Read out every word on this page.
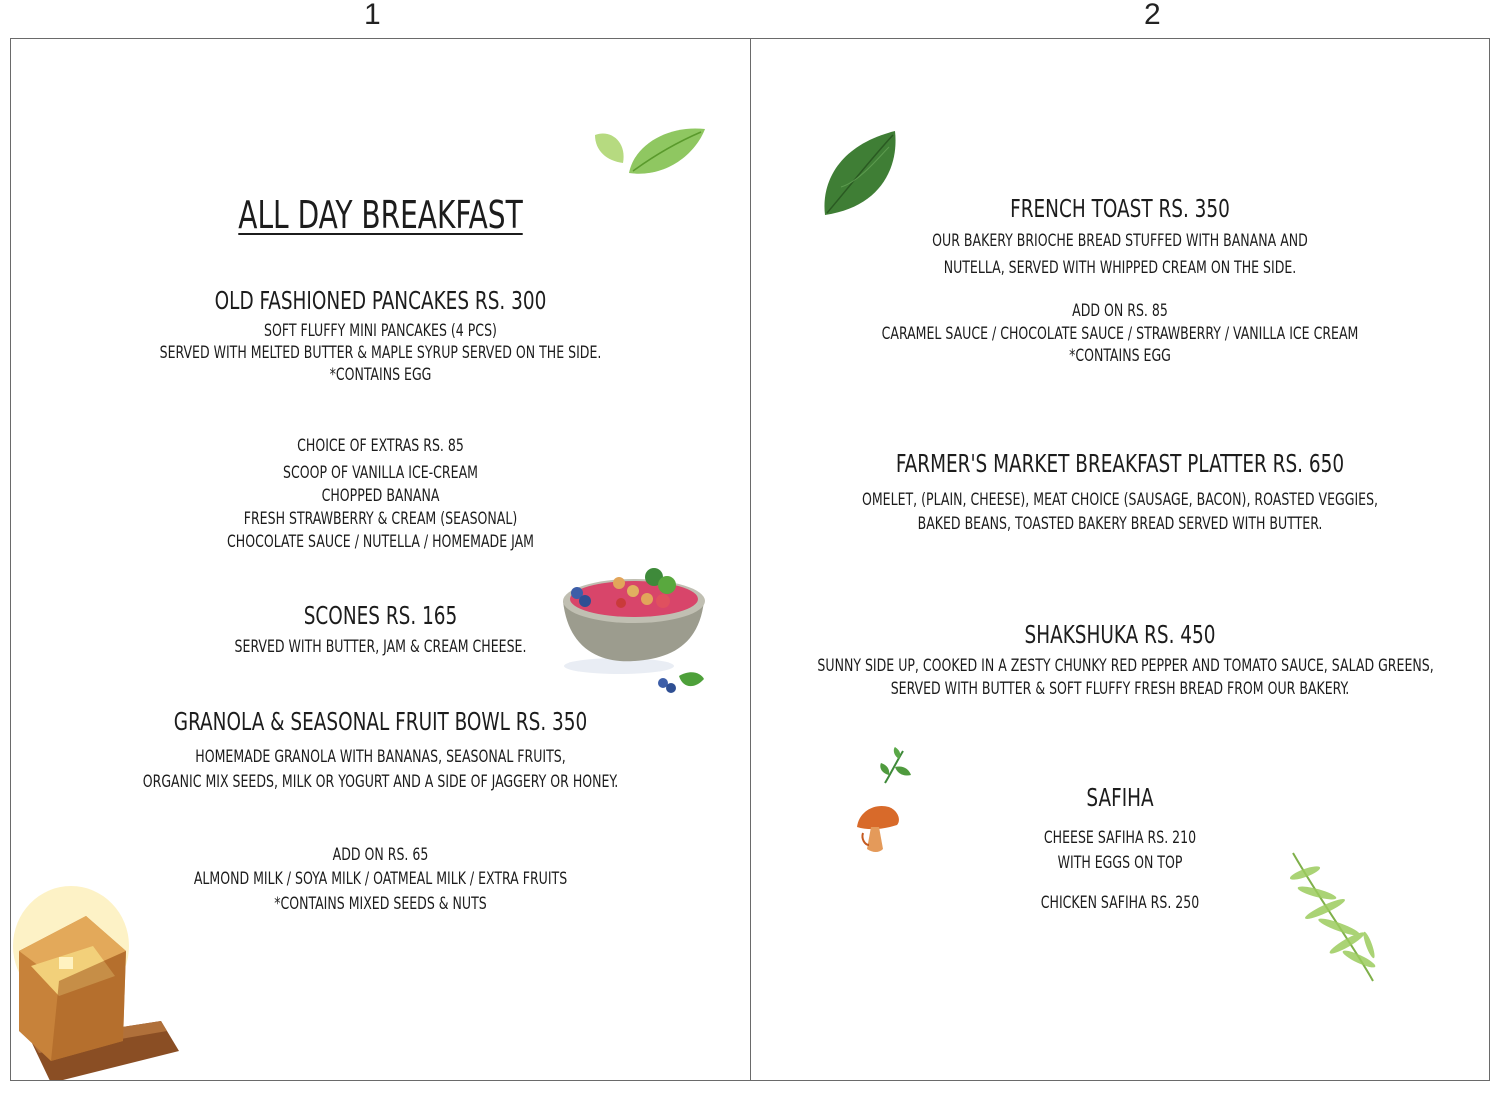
1	2
ALL DAY BREAKFAST
OLD FASHIONED PANCAKES RS. 300
SOFT FLUFFY MINI PANCAKES (4 PCS)
SERVED WITH MELTED BUTTER & MAPLE SYRUP SERVED ON THE SIDE.
*CONTAINS EGG
CHOICE OF EXTRAS RS. 85
SCOOP OF VANILLA ICE-CREAM
CHOPPED BANANA
FRESH STRAWBERRY & CREAM (SEASONAL)
CHOCOLATE SAUCE / NUTELLA / HOMEMADE JAM
SCONES RS. 165
SERVED WITH BUTTER, JAM & CREAM CHEESE.
GRANOLA & SEASONAL FRUIT BOWL RS. 350
HOMEMADE GRANOLA WITH BANANAS, SEASONAL FRUITS,
ORGANIC MIX SEEDS, MILK OR YOGURT AND A SIDE OF JAGGERY OR HONEY.
ADD ON RS. 65
ALMOND MILK / SOYA MILK / OATMEAL MILK / EXTRA FRUITS
*CONTAINS MIXED SEEDS & NUTS
FRENCH TOAST RS. 350
OUR BAKERY BRIOCHE BREAD STUFFED WITH BANANA AND
NUTELLA, SERVED WITH WHIPPED CREAM ON THE SIDE.
ADD ON RS. 85
CARAMEL SAUCE / CHOCOLATE SAUCE / STRAWBERRY / VANILLA ICE CREAM
*CONTAINS EGG
FARMER'S MARKET BREAKFAST PLATTER RS. 650
OMELET, (PLAIN, CHEESE), MEAT CHOICE (SAUSAGE, BACON), ROASTED VEGGIES,
BAKED BEANS, TOASTED BAKERY BREAD SERVED WITH BUTTER.
SHAKSHUKA RS. 450
SUNNY SIDE UP, COOKED IN A ZESTY CHUNKY RED PEPPER AND TOMATO SAUCE, SALAD GREENS,
SERVED WITH BUTTER & SOFT FLUFFY FRESH BREAD FROM OUR BAKERY.
SAFIHA
CHEESE SAFIHA RS. 210
WITH EGGS ON TOP
CHICKEN SAFIHA RS. 250
